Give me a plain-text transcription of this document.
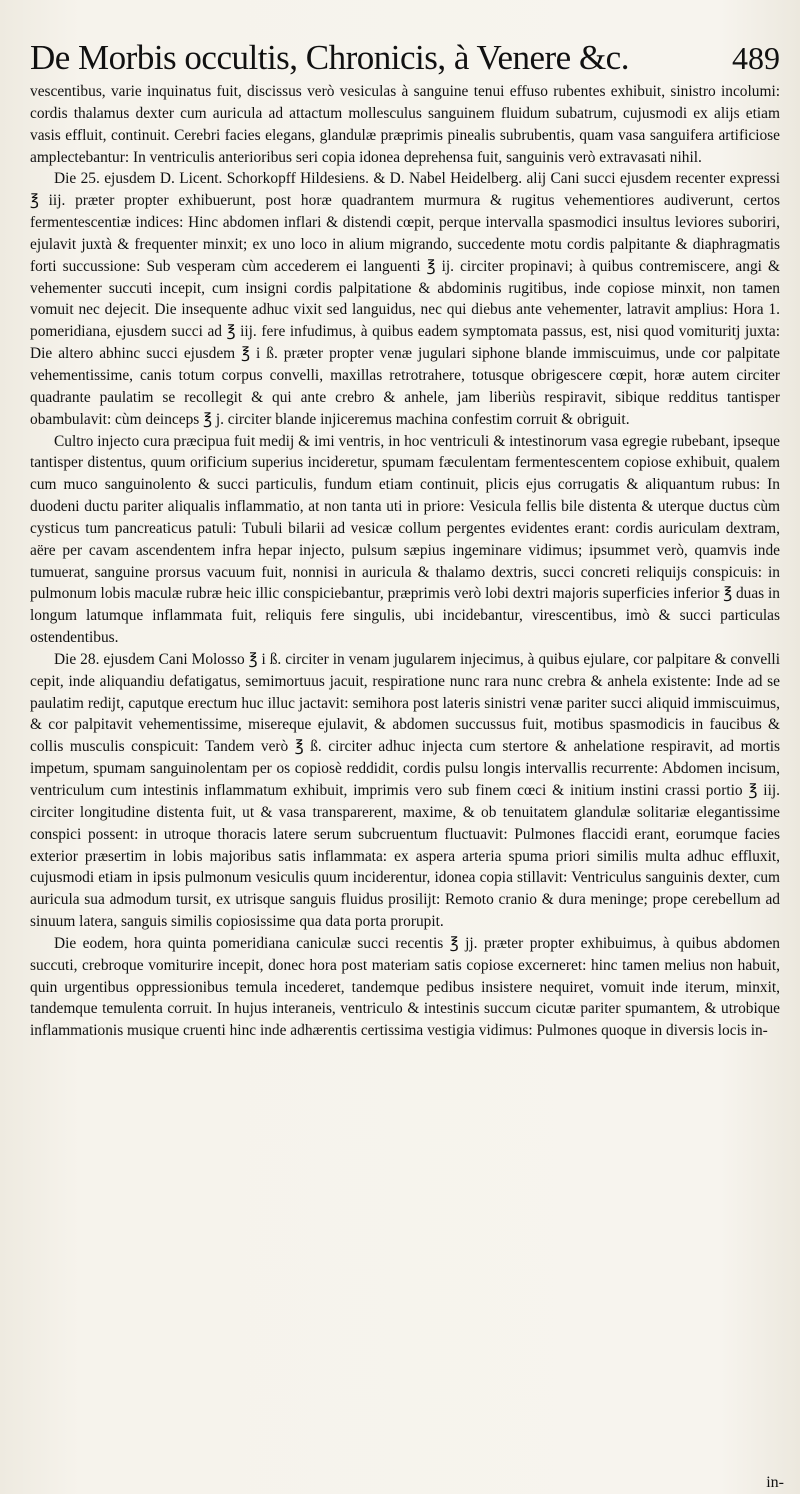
De Morbis occultis, Chronicis, à Venere &c.	489

vescentibus, varie inquinatus fuit, discissus verò vesiculas à sanguine tenui effuso rubentes exhibuit, sinistro incolumi: cordis thalamus dexter cum auricula ad attactum mollesculus sanguinem fluidum subatrum, cujusmodi ex alijs etiam vasis effluit, continuit. Cerebri facies elegans, glandulæ præprimis pinealis subrubentis, quam vasa sanguifera artificiose amplectebantur: In ventriculis anterioribus seri copia idonea deprehensa fuit, sanguinis verò extravasati nihil.

Die 25. ejusdem D. Licent. Schorkopff Hildesiens. & D. Nabel Heidelberg. alij Cani succi ejusdem recenter expressi ℥ iij. præter propter exhibuerunt, post horæ quadrantem murmura & rugitus vehementiores audiverunt, certos fermentescentiæ indices: Hinc abdomen inflari & distendi cœpit, perque intervalla spasmodici insultus leviores suboriri, ejulavit juxtà & frequenter minxit; ex uno loco in alium migrando, succedente motu cordis palpitante & diaphragmatis forti succussione: Sub vesperam cùm accederem ei languenti ℥ ij. circiter propinavi; à quibus contremiscere, angi & vehementer succuti incepit, cum insigni cordis palpitatione & abdominis rugitibus, inde copiose minxit, non tamen vomuit nec dejecit. Die insequente adhuc vixit sed languidus, nec qui diebus ante vehementer, latravit amplius: Hora 1. pomeridiana, ejusdem succi ad ℥ iij. fere infudimus, à quibus eadem symptomata passus, est, nisi quod vomituritj juxta: Die altero abhinc succi ejusdem ℥ i ß. præter propter venæ jugulari siphone blande immiscuimus, unde cor palpitate vehementissime, canis totum corpus convelli, maxillas retrotrahere, totusque obrigescere cœpit, horæ autem circiter quadrante paulatim se recollegit & qui ante crebro & anhele, jam liberiùs respiravit, sibique redditus tantisper obambulavit: cùm deinceps ℥ j. circiter blande injiceremus machina confestim corruit & obriguit.

Cultro injecto cura præcipua fuit medij & imi ventris, in hoc ventriculi & intestinorum vasa egregie rubebant, ipseque tantisper distentus, quum orificium superius incideretur, spumam fæculentam fermentescentem copiose exhibuit, qualem cum muco sanguinolento & succi particulis, fundum etiam continuit, plicis ejus corrugatis & aliquantum rubus: In duodeni ductu pariter aliqualis inflammatio, at non tanta uti in priore: Vesicula fellis bile distenta & uterque ductus cùm cysticus tum pancreaticus patuli: Tubuli bilarii ad vesicæ collum pergentes evidentes erant: cordis auriculam dextram, aëre per cavam ascendentem infra hepar injecto, pulsum sæpius ingeminare vidimus; ipsummet verò, quamvis inde tumuerat, sanguine prorsus vacuum fuit, nonnisi in auricula & thalamo dextris, succi concreti reliquijs conspicuis: in pulmonum lobis maculæ rubræ heic illic conspiciebantur, præprimis verò lobi dextri majoris superficies inferior ℥ duas in longum latumque inflammata fuit, reliquis fere singulis, ubi incidebantur, virescentibus, imò & succi particulas ostendentibus.

Die 28. ejusdem Cani Molosso ℥ i ß. circiter in venam jugularem injecimus, à quibus ejulare, cor palpitare & convelli cepit, inde aliquandiu defatigatus, semimortuus jacuit, respiratione nunc rara nunc crebra & anhela existente: Inde ad se paulatim redijt, caputque erectum huc illuc jactavit: semihora post lateris sinistri venæ pariter succi aliquid immiscuimus, & cor palpitavit vehementissime, misereque ejulavit, & abdomen succussus fuit, motibus spasmodicis in faucibus & collis musculis conspicuit: Tandem verò ℥ ß. circiter adhuc injecta cum stertore & anhelatione respiravit, ad mortis impetum, spumam sanguinolentam per os copiosè reddidit, cordis pulsu longis intervallis recurrente: Abdomen incisum, ventriculum cum intestinis inflammatum exhibuit, imprimis vero sub finem cœci & initium instini crassi portio ℥ iij. circiter longitudine distenta fuit, ut & vasa transparerent, maxime, & ob tenuitatem glandulæ solitariæ elegantissime conspici possent: in utroque thoracis latere serum subcruentum fluctuavit: Pulmones flaccidi erant, eorumque facies exterior præsertim in lobis majoribus satis inflammata: ex aspera arteria spuma priori similis multa adhuc effluxit, cujusmodi etiam in ipsis pulmonum vesiculis quum inciderentur, idonea copia stillavit: Ventriculus sanguinis dexter, cum auricula sua admodum tursit, ex utrisque sanguis fluidus prosilijt: Remoto cranio & dura meninge; prope cerebellum ad sinuum latera, sanguis similis copiosissime qua data porta prorupit.

Die eodem, hora quinta pomeridiana caniculæ succi recentis ℥ jj. præter propter exhibuimus, à quibus abdomen succuti, crebroque vomiturire incepit, donec hora post materiam satis copiose excerneret: hinc tamen melius non habuit, quin urgentibus oppressionibus temula incederet, tandemque pedibus insistere nequiret, vomuit inde iterum, minxit, tandemque temulenta corruit. In hujus interaneis, ventriculo & intestinis succum cicutæ pariter spumantem, & utrobique inflammationis musique cruenti hinc inde adhærentis certissima vestigia vidimus: Pulmones quoque in diversis locis in-

in-
